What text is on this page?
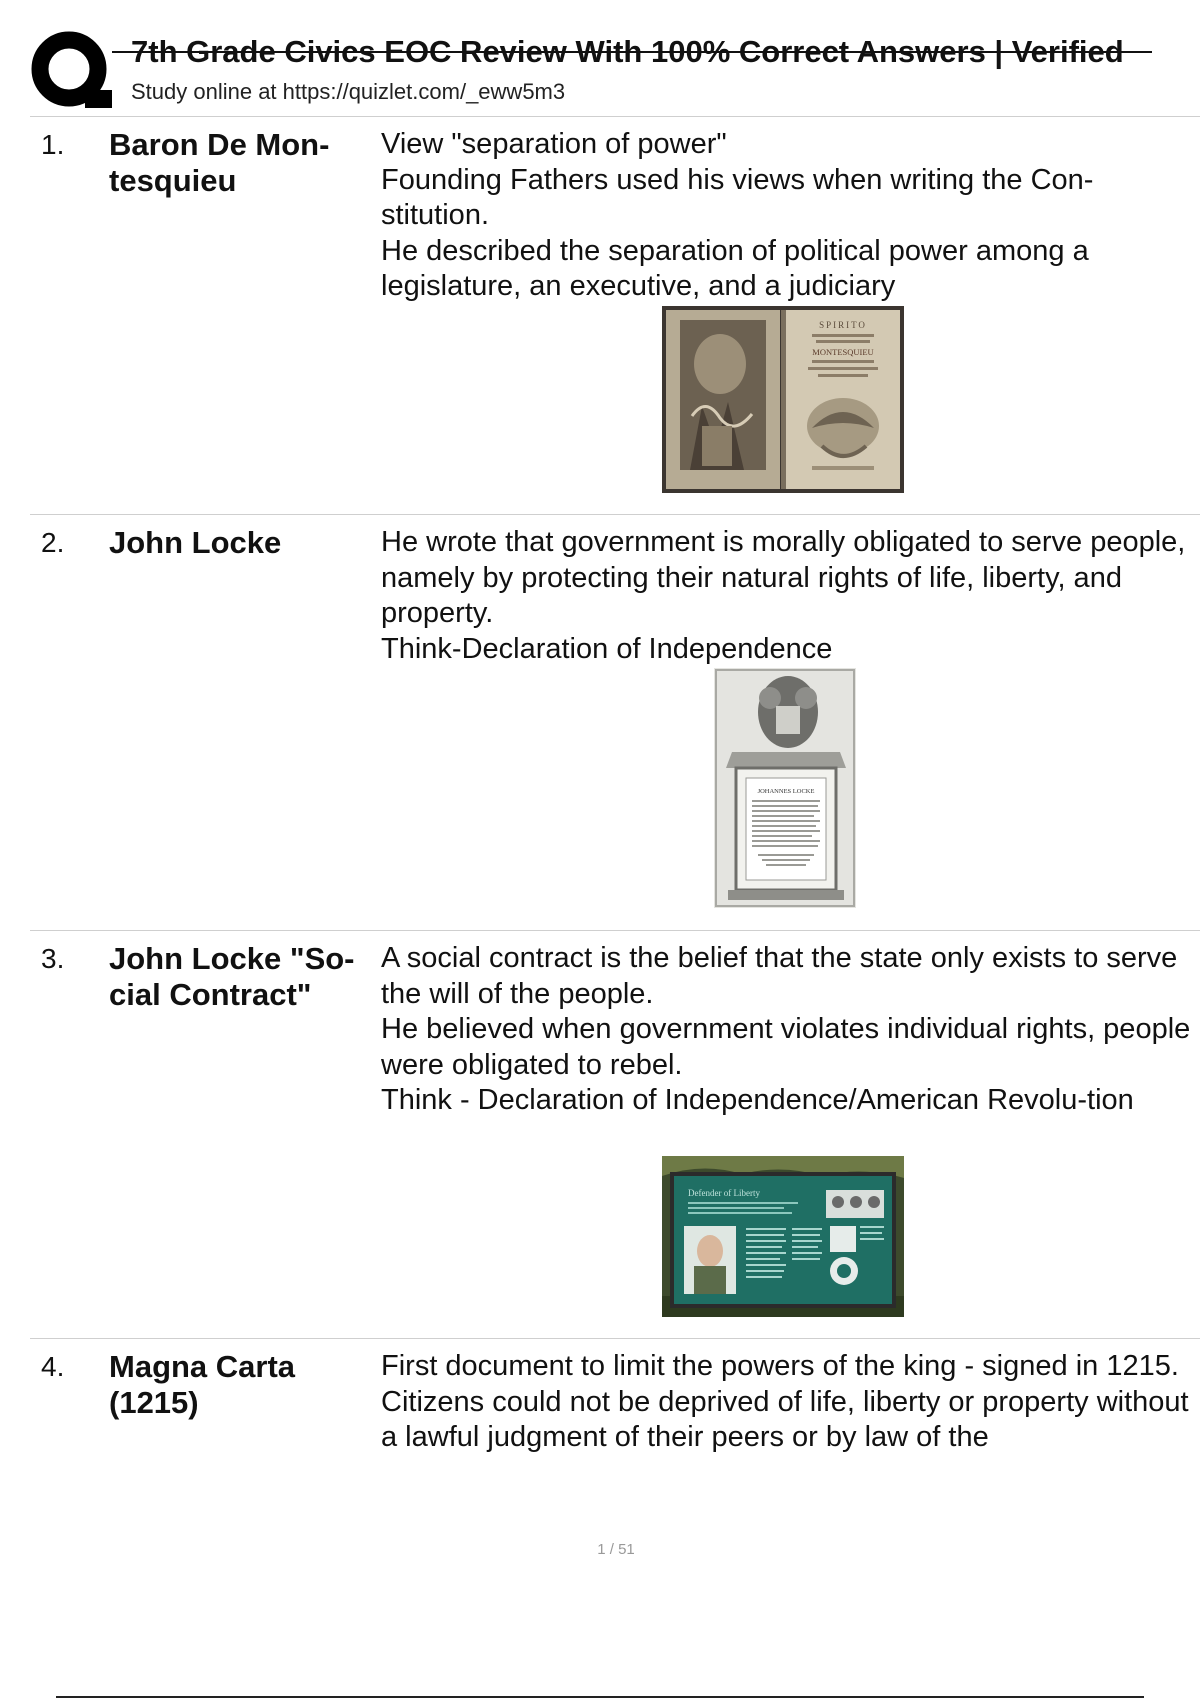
7th Grade Civics EOC Review With 100% Correct Answers | Verified
Study online at https://quizlet.com/_eww5m3
1. Baron De Mon-tesquieu

View "separation of power"

Founding Fathers used his views when writing the Con-stitution.

He described the separation of political power among a legislature, an executive, and a judiciary

SPIRITO
MONTESQUIEU
2. John Locke	He wrote that government is morally obligated to serve people, namely by protecting their natural rights of life, liberty, and property.

Think-Declaration of Independence

JOHANNES LOCKE
3. John Locke "So-cial Contract"

A social contract is the belief that the state only exists to serve the will of the people.

He believed when government violates individual rights, people were obligated to rebel.

Think - Declaration of Independence/American Revolu-tion

Defender of Liberty
4. Magna Carta (1215)

First document to limit the powers of the king - signed in 1215.

Citizens could not be deprived of life, liberty or property without a lawful judgment of their peers or by law of the

1 / 51
